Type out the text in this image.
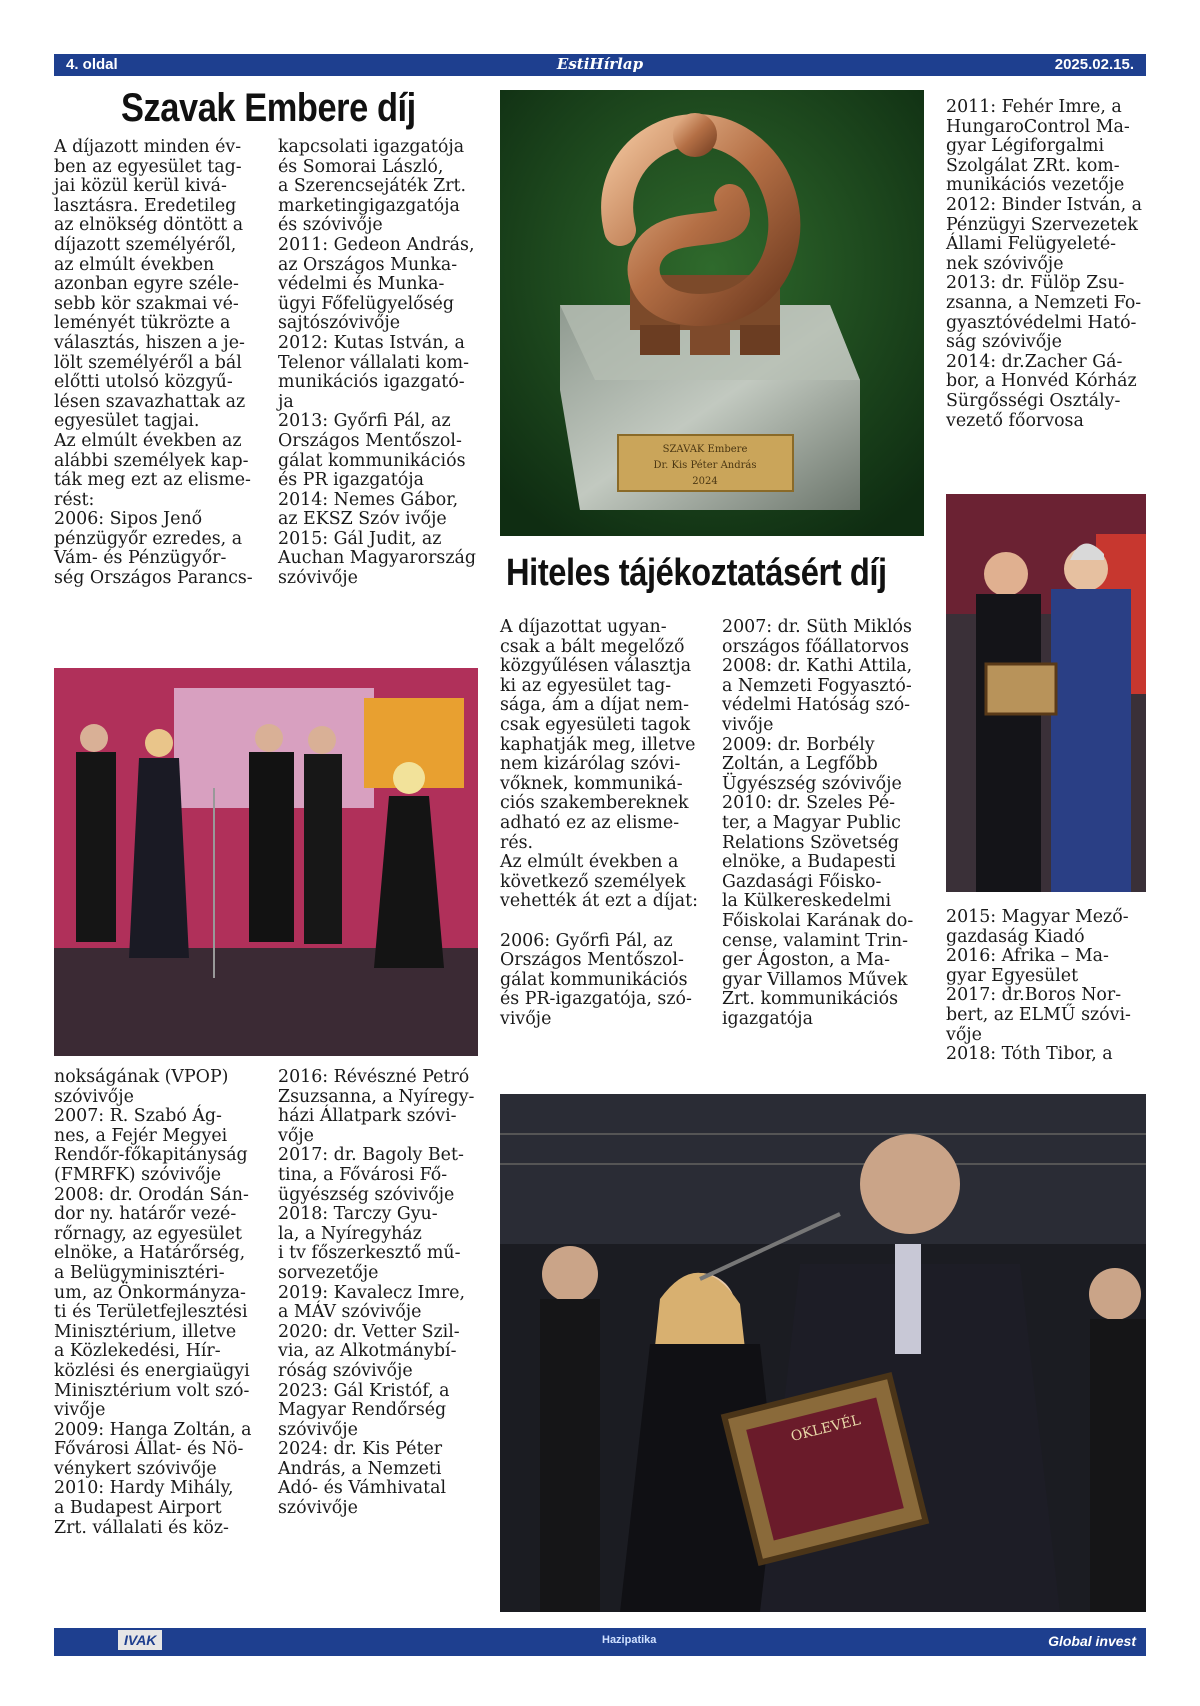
4. oldal	EstiHírlap	2025.02.15.
Szavak Embere díj
A díjazott minden év-
ben az egyesület tag-
jai közül kerül kivá-
lasztásra. Eredetileg
az elnökség döntött a
díjazott személyéről,
az elmúlt években
azonban egyre széle-
sebb kör szakmai vé-
leményét tükrözte a
választás, hiszen a je-
lölt személyéről a bál
előtti utolsó közgyű-
lésen szavazhattak az
egyesület tagjai.
Az elmúlt években az
alábbi személyek kap-
ták meg ezt az elisme-
rést:
2006: Sipos Jenő
pénzügyőr ezredes, a
Vám- és Pénzügyőr-
ség Országos Parancs-
kapcsolati igazgatója
és Somorai László,
a Szerencsejáték Zrt.
marketingigazgatója
és szóvivője
2011: Gedeon András,
az Országos Munka-
védelmi és Munka-
ügyi Főfelügyelőség
sajtószóvivője
2012: Kutas István, a
Telenor vállalati kom-
munikációs igazgató-
ja
2013: Győrfi Pál, az
Országos Mentőszol-
gálat kommunikációs
és PR igazgatója
2014: Nemes Gábor,
az EKSZ Szóv ivője
2015: Gál Judit, az
Auchan Magyarország
szóvivője
SZAVAK Embere
Dr. Kis Péter András
2024
2011: Fehér Imre, a
HungaroControl Ma-
gyar Légiforgalmi
Szolgálat ZRt. kom-
munikációs vezetője
2012: Binder István, a
Pénzügyi Szervezetek
Állami Felügyeleté-
nek szóvivője
2013: dr. Fülöp Zsu-
zsanna, a Nemzeti Fo-
gyasztóvédelmi Ható-
ság szóvivője
2014: dr.Zacher Gá-
bor, a Honvéd Kórház
Sürgősségi Osztály-
vezető főorvosa
Hiteles tájékoztatásért díj
A díjazottat ugyan-
csak a bált megelőző
közgyűlésen választja
ki az egyesület tag-
sága, ám a díjat nem-
csak egyesületi tagok
kaphatják meg, illetve
nem kizárólag szóvi-
vőknek, kommuniká-
ciós szakembereknek
adható ez az elisme-
rés.
Az elmúlt években a
következő személyek
vehették át ezt a díjat:

2006: Győrfi Pál, az
Országos Mentőszol-
gálat kommunikációs
és PR-igazgatója, szó-
vivője
2007: dr. Süth Miklós
országos főállatorvos
2008: dr. Kathi Attila,
a Nemzeti Fogyasztó-
védelmi Hatóság szó-
vivője
2009: dr. Borbély
Zoltán, a Legfőbb
Ügyészség szóvivője
2010: dr. Szeles Pé-
ter, a Magyar Public
Relations Szövetség
elnöke, a Budapesti
Gazdasági Főisko-
la Külkereskedelmi
Főiskolai Karának do-
cense, valamint Trin-
ger Ágoston, a Ma-
gyar Villamos Művek
Zrt. kommunikációs
igazgatója
2015: Magyar Mező-
gazdaság Kiadó
2016: Afrika – Ma-
gyar Egyesület
2017: dr.Boros Nor-
bert, az ELMŰ szóvi-
vője
2018: Tóth Tibor, a
nokságának (VPOP)
szóvivője
2007: R. Szabó Ág-
nes, a Fejér Megyei
Rendőr-főkapitányság
(FMRFK) szóvivője
2008: dr. Orodán Sán-
dor ny. határőr vezé-
rőrnagy, az egyesület
elnöke, a Határőrség,
a Belügyminisztéri-
um, az Önkormányza-
ti és Területfejlesztési
Minisztérium, illetve
a Közlekedési, Hír-
közlési és energiaügyi
Minisztérium volt szó-
vivője
2009: Hanga Zoltán, a
Fővárosi Állat- és Nö-
vénykert szóvivője
2010: Hardy Mihály,
a Budapest Airport
Zrt. vállalati és köz-
2016: Révészné Petró
Zsuzsanna, a Nyíregy-
házi Állatpark szóvi-
vője
2017: dr. Bagoly Bet-
tina, a Fővárosi Fő-
ügyészség szóvivője
2018: Tarczy Gyu-
la, a Nyíregyház
i tv főszerkesztő mű-
sorvezetője
2019: Kavalecz Imre,
a MÁV szóvivője
2020: dr. Vetter Szil-
via, az Alkotmánybí-
róság szóvivője
2023: Gál Kristóf, a
Magyar Rendőrség
szóvivője
2024: dr. Kis Péter
András, a Nemzeti
Adó- és Vámhivatal
szóvivője
OKLEVÉL
IVAK	Hazipatika	Global invest
